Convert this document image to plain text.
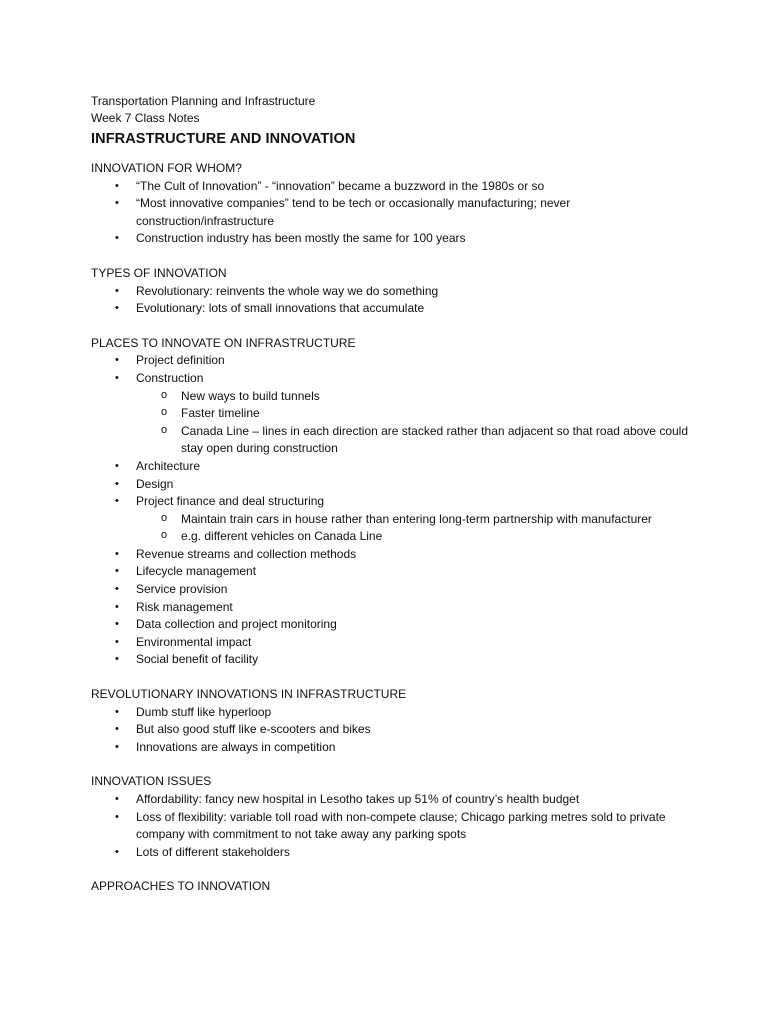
Transportation Planning and Infrastructure
Week 7 Class Notes
INFRASTRUCTURE AND INNOVATION
INNOVATION FOR WHOM?
• “The Cult of Innovation” - “innovation” became a buzzword in the 1980s or so
• “Most innovative companies” tend to be tech or occasionally manufacturing; never construction/infrastructure
• Construction industry has been mostly the same for 100 years
TYPES OF INNOVATION
• Revolutionary: reinvents the whole way we do something
• Evolutionary: lots of small innovations that accumulate
PLACES TO INNOVATE ON INFRASTRUCTURE
• Project definition
• Construction
o New ways to build tunnels
o Faster timeline
o Canada Line – lines in each direction are stacked rather than adjacent so that road above could stay open during construction
• Architecture
• Design
• Project finance and deal structuring
o Maintain train cars in house rather than entering long-term partnership with manufacturer
o e.g. different vehicles on Canada Line
• Revenue streams and collection methods
• Lifecycle management
• Service provision
• Risk management
• Data collection and project monitoring
• Environmental impact
• Social benefit of facility
REVOLUTIONARY INNOVATIONS IN INFRASTRUCTURE
• Dumb stuff like hyperloop
• But also good stuff like e-scooters and bikes
• Innovations are always in competition
INNOVATION ISSUES
• Affordability: fancy new hospital in Lesotho takes up 51% of country’s health budget
• Loss of flexibility: variable toll road with non-compete clause; Chicago parking metres sold to private company with commitment to not take away any parking spots
• Lots of different stakeholders
APPROACHES TO INNOVATION
